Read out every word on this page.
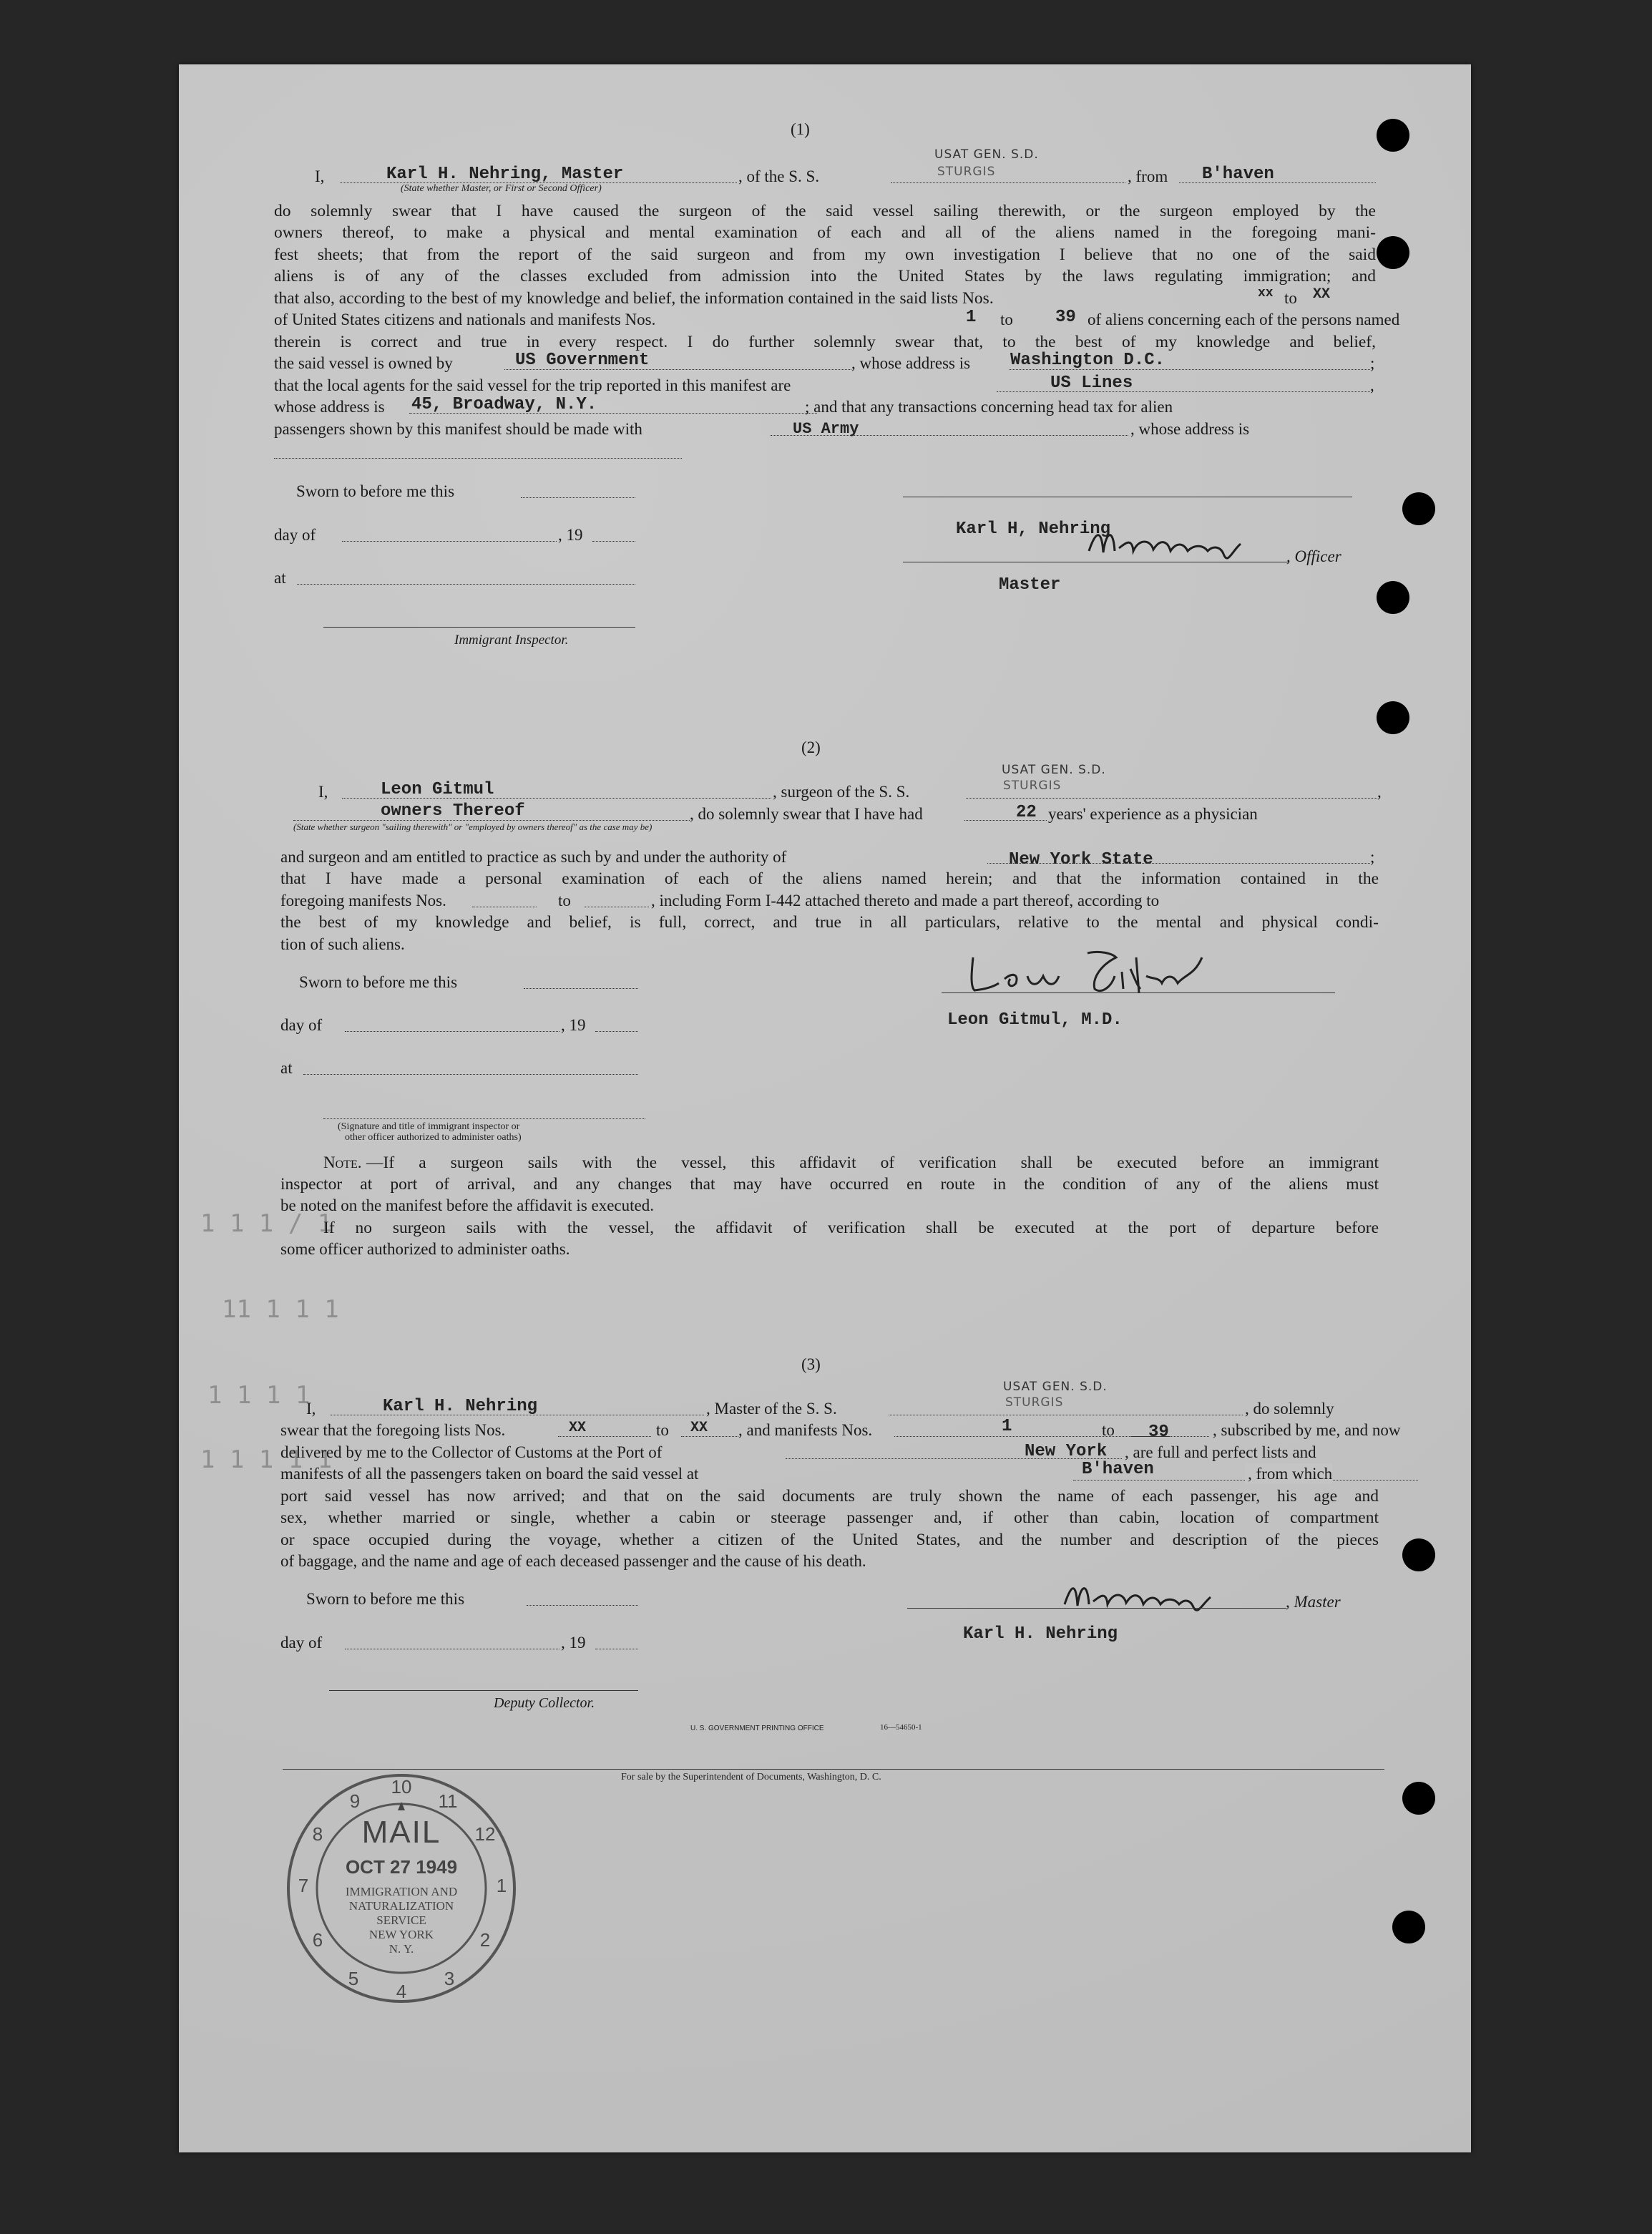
1 1 1 / 1
11 1 1 1
1 1 1 1
1 1 1 1 1
(1)
I,	Karl H. Nehring, Master
(State whether Master, or First or Second Officer)
, of the S. S.
USAT GEN. S.D.
STURGIS	, from B'haven
do solemnly swear that I have caused the surgeon of the said vessel sailing therewith, or the surgeon employed by the
owners thereof, to make a physical and mental examination of each and all of the aliens named in the foregoing mani-
fest sheets; that from the report of the said surgeon and from my own investigation I believe that no one of the said
aliens is of any of the classes excluded from admission into the United States by the laws regulating immigration; and
that also, according to the best of my knowledge and belief, the information contained in the said lists Nos.	xx to XX
of United States citizens and nationals and manifests Nos.	1 to 39 of aliens concerning each of the persons named
therein is correct and true in every respect. I do further solemnly swear that, to the best of my knowledge and belief,
the said vessel is owned by	US Government	, whose address is Washington D.C.	;
that the local agents for the said vessel for the trip reported in this manifest are	US Lines	,
whose address is 45, Broadway, N.Y.	; and that any transactions concerning head tax for alien
passengers shown by this manifest should be made with	US Army	, whose address is
Sworn to before me this
day of	, 19	Karl H, Nehring
, Officer
at	Master
Immigrant Inspector.
(2)
I,	Leon Gitmul	, surgeon of the S. S.
USAT GEN. S.D.
STURGIS	,
owners Thereof	, do solemnly swear that I have had	22 years' experience as a physician
(State whether surgeon "sailing therewith" or "employed by owners thereof" as the case may be)
and surgeon and am entitled to practice as such by and under the authority of	New York State	;
that I have made a personal examination of each of the aliens named herein; and that the information contained in the
foregoing manifests Nos.	to	, including Form I-442 attached thereto and made a part thereof, according to
the best of my knowledge and belief, is full, correct, and true in all particulars, relative to the mental and physical condi-
tion of such aliens.
Sworn to before me this
day of	, 19	Leon Gitmul, M.D.
at
(Signature and title of immigrant inspector or
other officer authorized to administer oaths)
Note. —If a surgeon sails with the vessel, this affidavit of verification shall be executed before an immigrant
inspector at port of arrival, and any changes that may have occurred en route in the condition of any of the aliens must
be noted on the manifest before the affidavit is executed.
If no surgeon sails with the vessel, the affidavit of verification shall be executed at the port of departure before
some officer authorized to administer oaths.
(3)
I,	Karl H. Nehring	, Master of the S. S.
USAT GEN. S.D.
STURGIS	, do solemnly
swear that the foregoing lists Nos.	XX	to XX , and manifests Nos.	1	to 39	, subscribed by me, and now
delivered by me to the Collector of Customs at the Port of	New York , are full and perfect lists and
manifests of all the passengers taken on board the said vessel at	B'haven	, from which
port said vessel has now arrived; and that on the said documents are truly shown the name of each passenger, his age and
sex, whether married or single, whether a cabin or steerage passenger and, if other than cabin, location of compartment
or space occupied during the voyage, whether a citizen of the United States, and the number and description of the pieces
of baggage, and the name and age of each deceased passenger and the cause of his death.
Sworn to before me this	, Master
day of	, 19	Karl H. Nehring
Deputy Collector.
U. S. GOVERNMENT PRINTING OFFICE	16—54650-1
For sale by the Superintendent of Documents, Washington, D. C.
10
11
12
1
2
3
4
5
6
7
8
9
MAIL
OCT 27 1949
IMMIGRATION AND
NATURALIZATION
SERVICE
NEW YORK
N. Y.
